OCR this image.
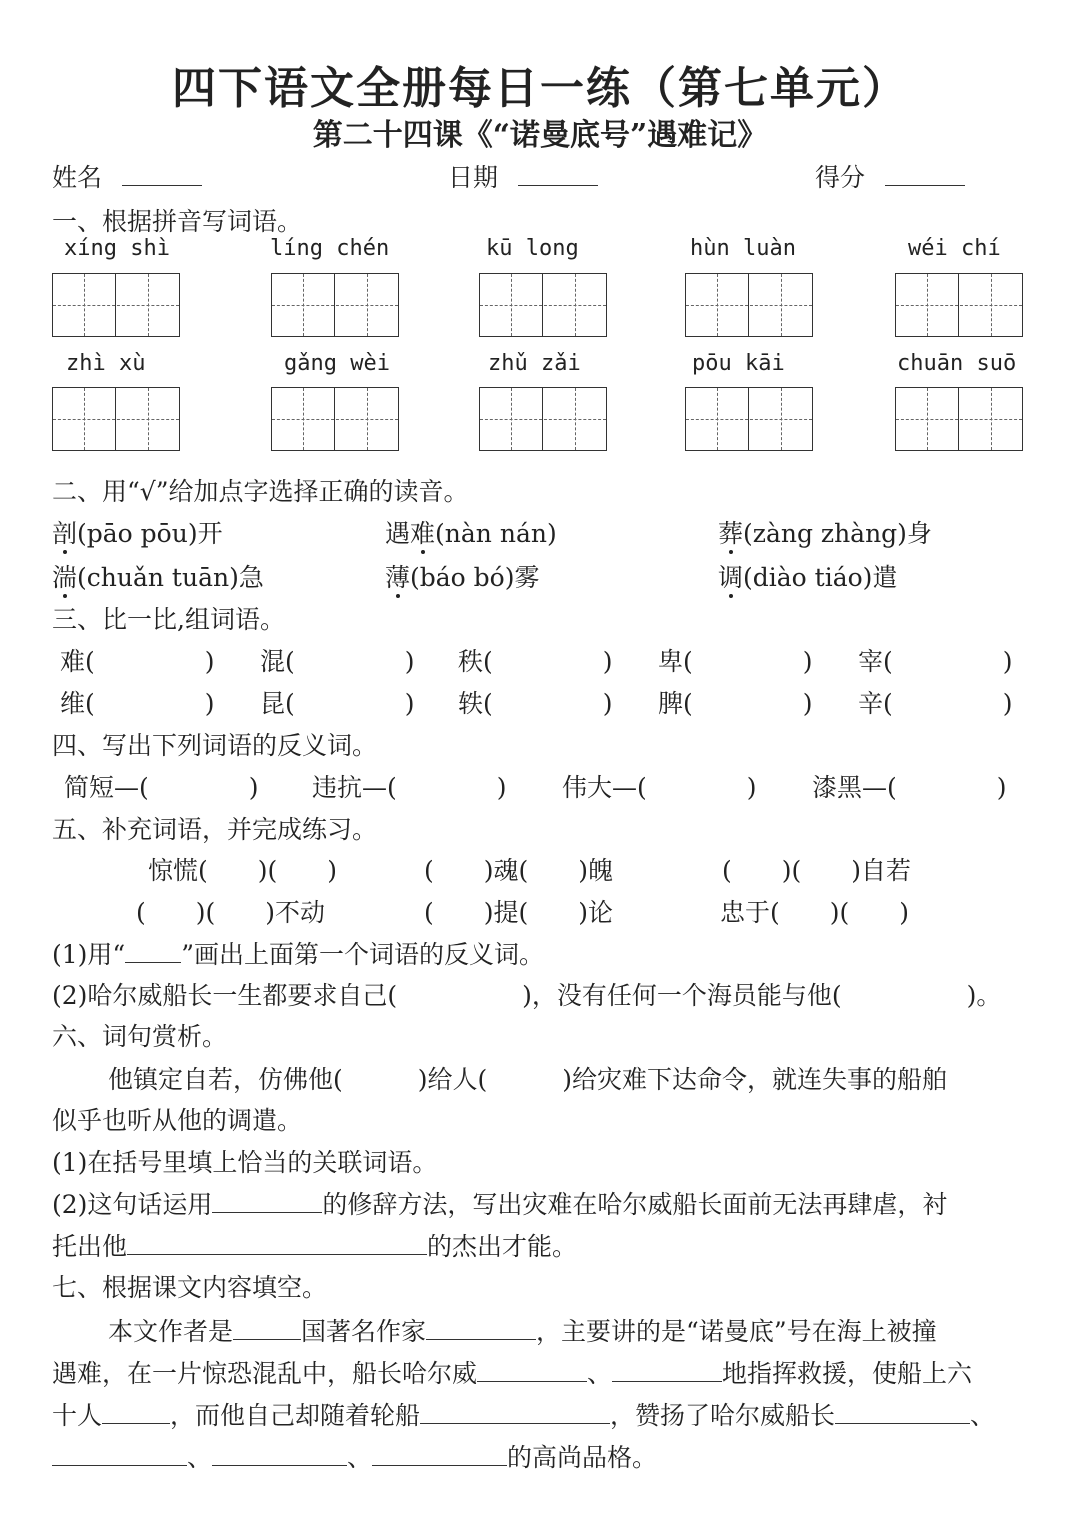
四下语文全册每日一练（第七单元）
第二十四课《“诺曼底号”遇难记》
姓名	日期	得分
一、根据拼音写词语。
xíng shì	líng chén	kū long	hùn luàn	wéi chí
zhì xù	gǎng wèi	zhǔ zǎi	pōu kāi	chuān suō
二、用“√”给加点字选择正确的读音。
剖(pāo pōu)开	遇难(nàn nán)	葬(zàng zhàng)身
湍(chuǎn tuān)急	薄(báo bó)雾	调(diào tiáo)遣
三、比一比,组词语。
难(	) 混(	) 秩(	) 卑(	) 宰(	)
维(	) 昆(	) 轶(	) 脾(	) 辛(	)
四、写出下列词语的反义词。
简短—(	) 违抗—(	) 伟大—(	) 漆黑—(	)
五、补充词语，并完成练习。
惊慌(　　)(　　)	(　　)魂(　　)魄	(　　)(　　)自若
(　　)(　　)不动	(　　)提(　　)论	忠于(　　)(　　)
(1)用“ ”画出上面第一个词语的反义词。
(2)哈尔威船长一生都要求自己(　　　　　)，没有任何一个海员能与他(　　　　　)。
六、词句赏析。
他镇定自若，仿佛他(　　　)给人(　　　)给灾难下达命令，就连失事的船舶
似乎也听从他的调遣。
(1)在括号里填上恰当的关联词语。
(2)这句话运用	的修辞方法，写出灾难在哈尔威船长面前无法再肆虐，衬
托出他	的杰出才能。
七、根据课文内容填空。
本文作者是	国著名作家	，主要讲的是“诺曼底”号在海上被撞
遇难，在一片惊恐混乱中，船长哈尔威	、	地指挥救援，使船上六
十人	，而他自己却随着轮船	，赞扬了哈尔威船长	、
、	、	的高尚品格。
